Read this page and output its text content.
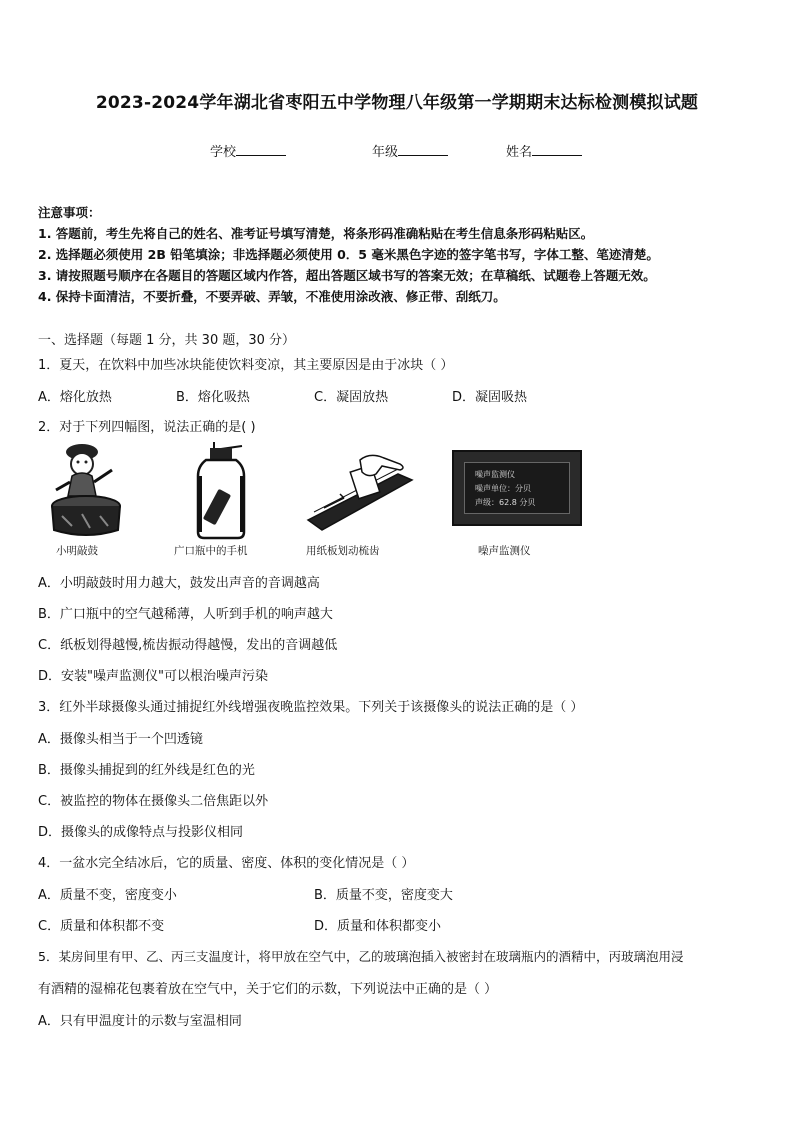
2023-2024学年湖北省枣阳五中学物理八年级第一学期期末达标检测模拟试题
学校	年级	姓名
注意事项：
1. 答题前，考生先将自己的姓名、准考证号填写清楚，将条形码准确粘贴在考生信息条形码粘贴区。
2. 选择题必须使用 2B 铅笔填涂；非选择题必须使用 0．5 毫米黑色字迹的签字笔书写，字体工整、笔迹清楚。
3. 请按照题号顺序在各题目的答题区域内作答，超出答题区域书写的答案无效；在草稿纸、试题卷上答题无效。
4. 保持卡面清洁，不要折叠，不要弄破、弄皱，不准使用涂改液、修正带、刮纸刀。
一、选择题（每题 1 分，共 30 题，30 分）
1．夏天，在饮料中加些冰块能使饮料变凉，其主要原因是由于冰块（ ）
A．熔化放热	B．熔化吸热	C．凝固放热	D．凝固吸热
2．对于下列四幅图，说法正确的是( )
噪声监测仪
噪声单位：分贝
声级：62.8 分贝
小明敲鼓	广口瓶中的手机	用纸板划动梳齿	噪声监测仪
A．小明敲鼓时用力越大，鼓发出声音的音调越高
B．广口瓶中的空气越稀薄，人听到手机的响声越大
C．纸板划得越慢,梳齿振动得越慢，发出的音调越低
D．安装"噪声监测仪"可以根治噪声污染
3．红外半球摄像头通过捕捉红外线增强夜晚监控效果。下列关于该摄像头的说法正确的是（ ）
A．摄像头相当于一个凹透镜
B．摄像头捕捉到的红外线是红色的光
C．被监控的物体在摄像头二倍焦距以外
D．摄像头的成像特点与投影仪相同
4．一盆水完全结冰后，它的质量、密度、体积的变化情况是（ ）
A．质量不变，密度变小	B．质量不变，密度变大
C．质量和体积都不变	D．质量和体积都变小
5．某房间里有甲、乙、丙三支温度计，将甲放在空气中，乙的玻璃泡插入被密封在玻璃瓶内的酒精中，丙玻璃泡用浸
有酒精的湿棉花包裹着放在空气中，关于它们的示数，下列说法中正确的是（ ）
A．只有甲温度计的示数与室温相同
